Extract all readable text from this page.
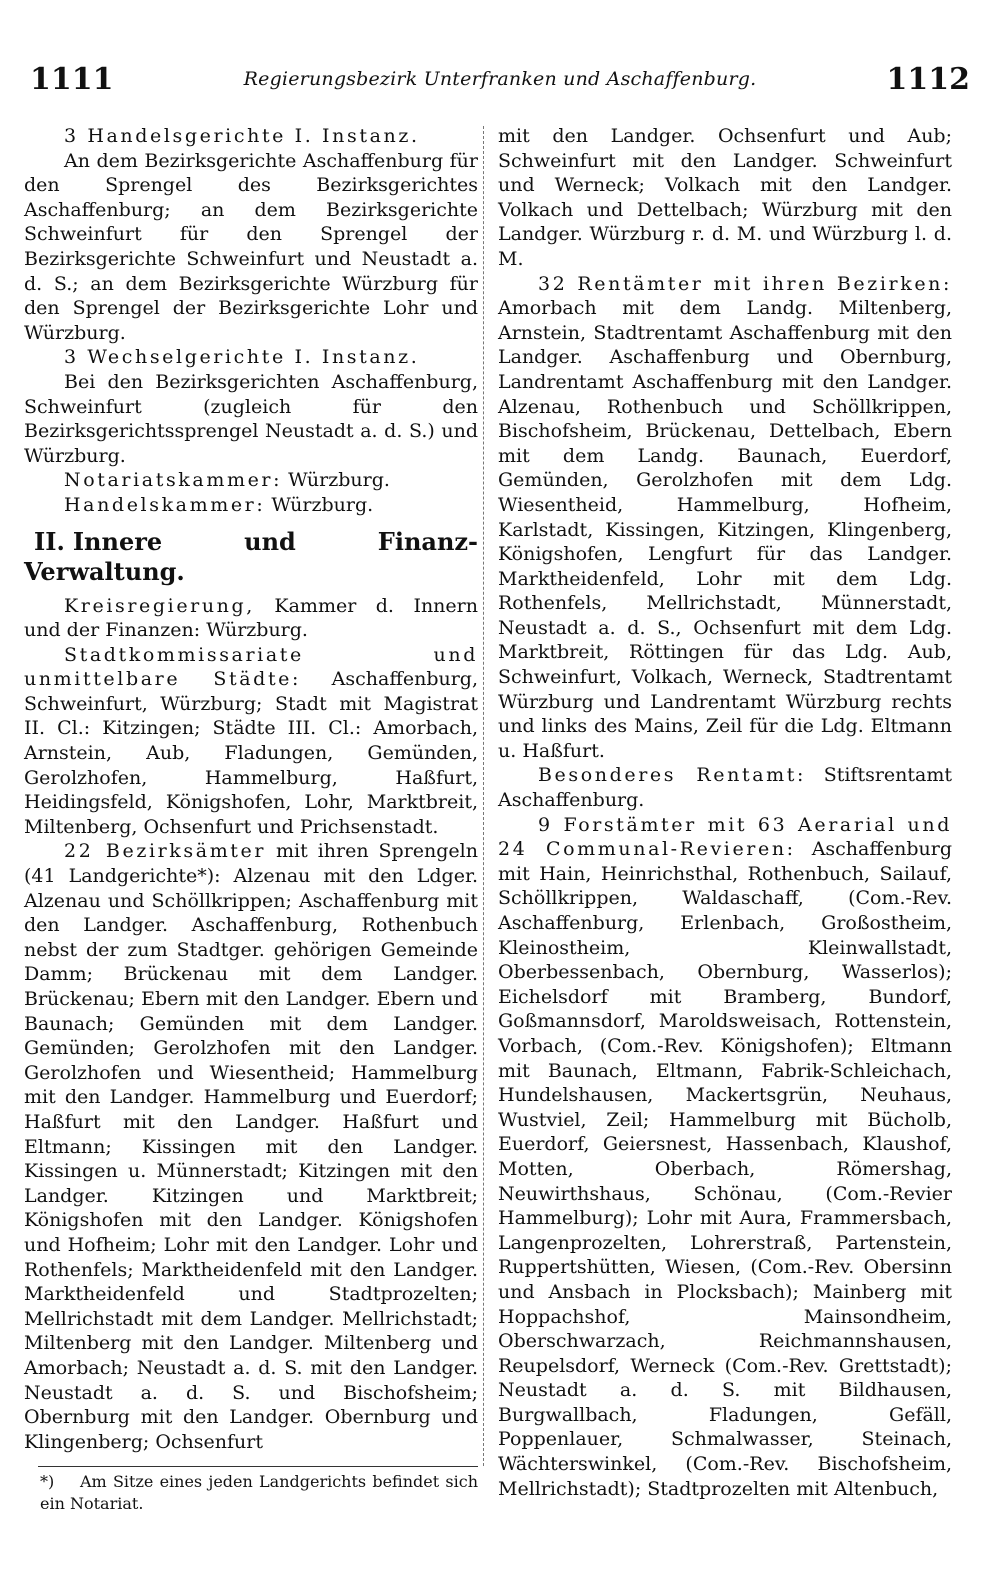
1111	Regierungsbezirk Unterfranken und Aschaffenburg.	1112

3 Handelsgerichte I. Instanz.

An dem Bezirksgerichte Aschaffenburg für den Sprengel des Bezirksgerichtes Aschaffenburg; an dem Bezirksgerichte Schweinfurt für den Sprengel der Bezirksgerichte Schweinfurt und Neustadt a. d. S.; an dem Bezirksgerichte Würzburg für den Sprengel der Bezirksgerichte Lohr und Würzburg.

3 Wechselgerichte I. Instanz.

Bei den Bezirksgerichten Aschaffenburg, Schweinfurt (zugleich für den Bezirksgerichtssprengel Neustadt a. d. S.) und Würzburg.

Notariatskammer: Würzburg.

Handelskammer: Würzburg.

II. Innere und Finanz-Verwaltung.

Kreisregierung, Kammer d. Innern und der Finanzen: Würzburg.

Stadtkommissariate und unmittelbare Städte: Aschaffenburg, Schweinfurt, Würzburg; Stadt mit Magistrat II. Cl.: Kitzingen; Städte III. Cl.: Amorbach, Arnstein, Aub, Fladungen, Gemünden, Gerolzhofen, Hammelburg, Haßfurt, Heidingsfeld, Königshofen, Lohr, Marktbreit, Miltenberg, Ochsenfurt und Prichsenstadt.

22 Bezirksämter mit ihren Sprengeln (41 Landgerichte*): Alzenau mit den Ldger. Alzenau und Schöllkrippen; Aschaffenburg mit den Landger. Aschaffenburg, Rothenbuch nebst der zum Stadtger. gehörigen Gemeinde Damm; Brückenau mit dem Landger. Brückenau; Ebern mit den Landger. Ebern und Baunach; Gemünden mit dem Landger. Gemünden; Gerolzhofen mit den Landger. Gerolzhofen und Wiesentheid; Hammelburg mit den Landger. Hammelburg und Euerdorf; Haßfurt mit den Landger. Haßfurt und Eltmann; Kissingen mit den Landger. Kissingen u. Münnerstadt; Kitzingen mit den Landger. Kitzingen und Marktbreit; Königshofen mit den Landger. Königshofen und Hofheim; Lohr mit den Landger. Lohr und Rothenfels; Marktheidenfeld mit den Landger. Marktheidenfeld und Stadtprozelten; Mellrichstadt mit dem Landger. Mellrichstadt; Miltenberg mit den Landger. Miltenberg und Amorbach; Neustadt a. d. S. mit den Landger. Neustadt a. d. S. und Bischofsheim; Obernburg mit den Landger. Obernburg und Klingenberg; Ochsenfurt

*) Am Sitze eines jeden Landgerichts befindet sich ein Notariat.

mit den Landger. Ochsenfurt und Aub; Schweinfurt mit den Landger. Schweinfurt und Werneck; Volkach mit den Landger. Volkach und Dettelbach; Würzburg mit den Landger. Würzburg r. d. M. und Würzburg l. d. M.

32 Rentämter mit ihren Bezirken: Amorbach mit dem Landg. Miltenberg, Arnstein, Stadtrentamt Aschaffenburg mit den Landger. Aschaffenburg und Obernburg, Landrentamt Aschaffenburg mit den Landger. Alzenau, Rothenbuch und Schöllkrippen, Bischofsheim, Brückenau, Dettelbach, Ebern mit dem Landg. Baunach, Euerdorf, Gemünden, Gerolzhofen mit dem Ldg. Wiesentheid, Hammelburg, Hofheim, Karlstadt, Kissingen, Kitzingen, Klingenberg, Königshofen, Lengfurt für das Landger. Marktheidenfeld, Lohr mit dem Ldg. Rothenfels, Mellrichstadt, Münnerstadt, Neustadt a. d. S., Ochsenfurt mit dem Ldg. Marktbreit, Röttingen für das Ldg. Aub, Schweinfurt, Volkach, Werneck, Stadtrentamt Würzburg und Landrentamt Würzburg rechts und links des Mains, Zeil für die Ldg. Eltmann u. Haßfurt.

Besonderes Rentamt: Stiftsrentamt Aschaffenburg.

9 Forstämter mit 63 Aerarial und 24 Communal-Revieren: Aschaffenburg mit Hain, Heinrichsthal, Rothenbuch, Sailauf, Schöllkrippen, Waldaschaff, (Com.-Rev. Aschaffenburg, Erlenbach, Großostheim, Kleinostheim, Kleinwallstadt, Oberbessenbach, Obernburg, Wasserlos); Eichelsdorf mit Bramberg, Bundorf, Goßmannsdorf, Maroldsweisach, Rottenstein, Vorbach, (Com.-Rev. Königshofen); Eltmann mit Baunach, Eltmann, Fabrik-Schleichach, Hundelshausen, Mackertsgrün, Neuhaus, Wustviel, Zeil; Hammelburg mit Bücholb, Euerdorf, Geiersnest, Hassenbach, Klaushof, Motten, Oberbach, Römershag, Neuwirthshaus, Schönau, (Com.-Revier Hammelburg); Lohr mit Aura, Frammersbach, Langenprozelten, Lohrerstraß, Partenstein, Ruppertshütten, Wiesen, (Com.-Rev. Obersinn und Ansbach in Plocksbach); Mainberg mit Hoppachshof, Mainsondheim, Oberschwarzach, Reichmannshausen, Reupelsdorf, Werneck (Com.-Rev. Grettstadt); Neustadt a. d. S. mit Bildhausen, Burgwallbach, Fladungen, Gefäll, Poppenlauer, Schmalwasser, Steinach, Wächterswinkel, (Com.-Rev. Bischofsheim, Mellrichstadt); Stadtprozelten mit Altenbuch,
